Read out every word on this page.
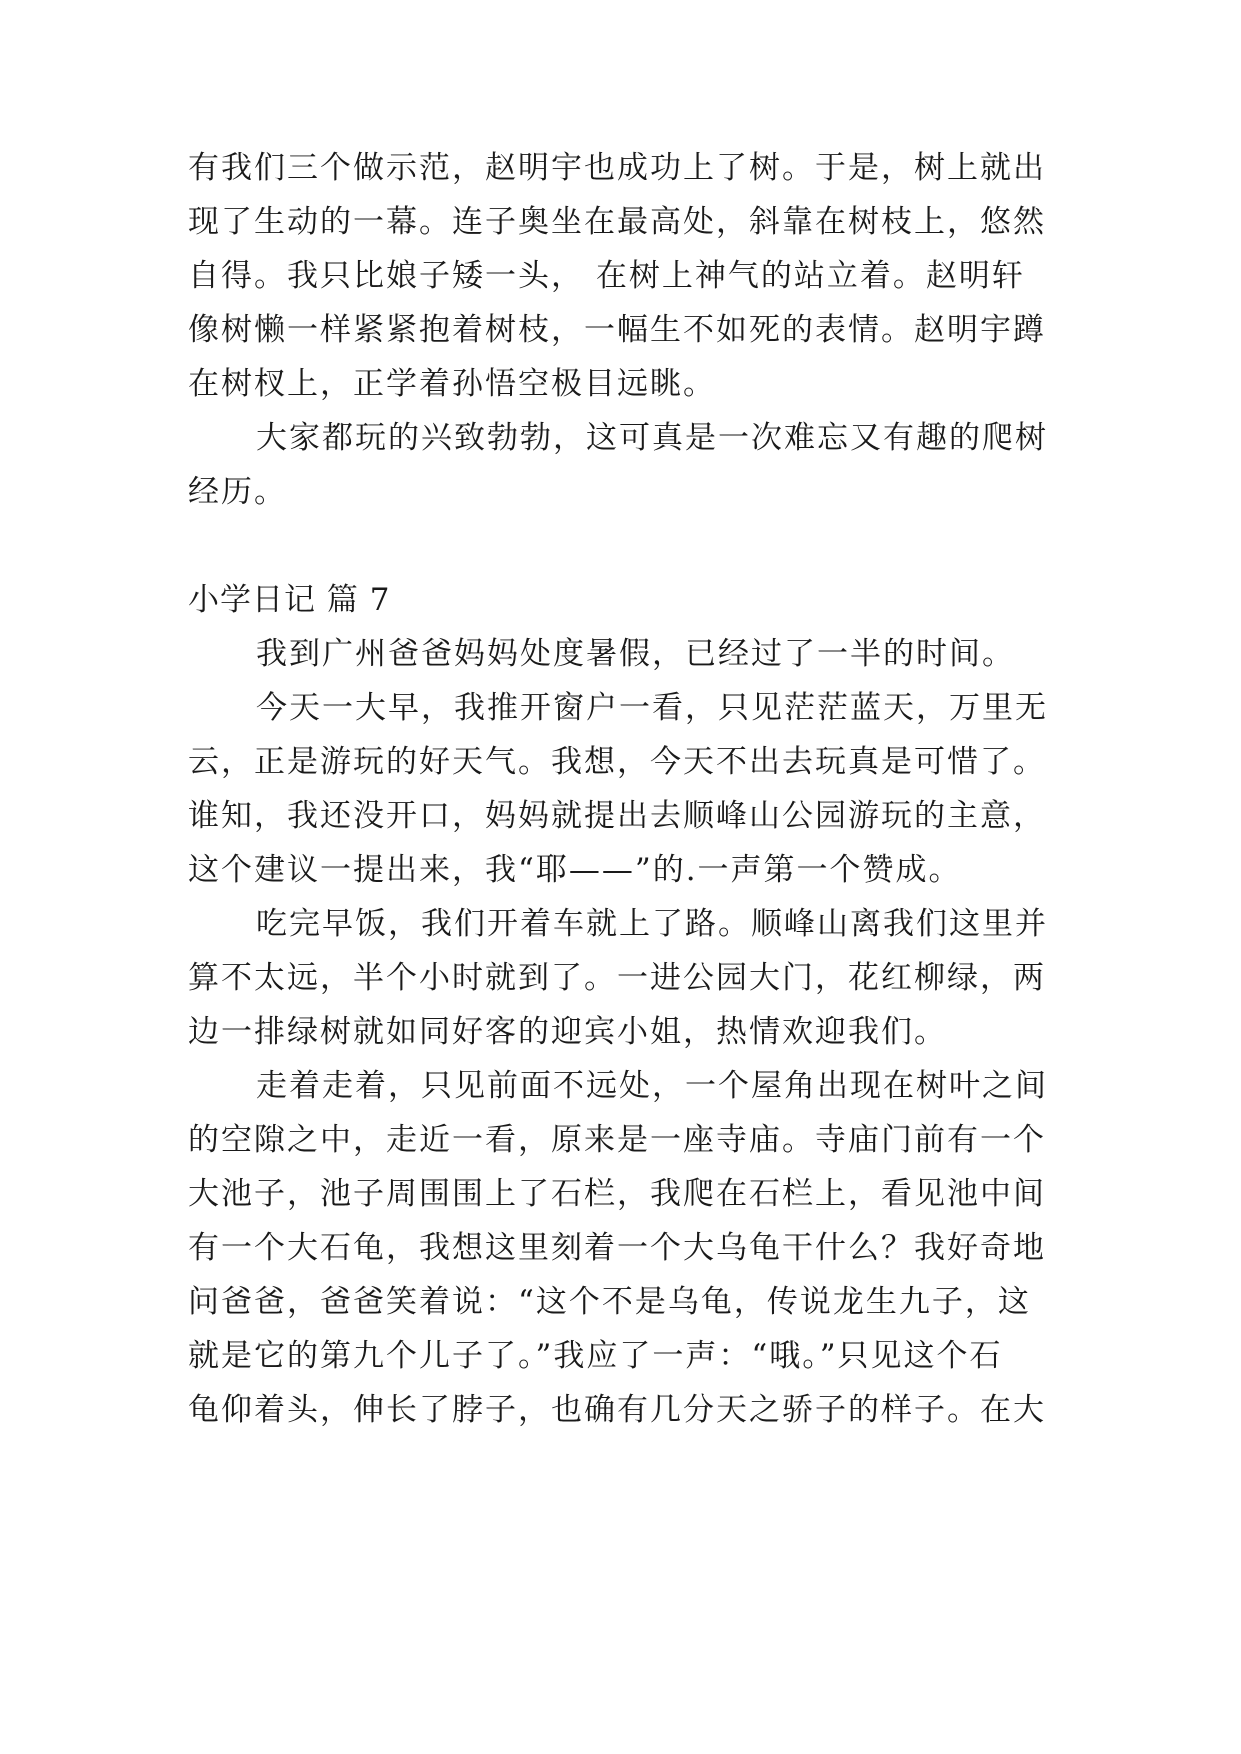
有我们三个做示范，赵明宇也成功上了树。于是，树上就出
现了生动的一幕。连子奥坐在最高处，斜靠在树枝上，悠然
自得。我只比娘子矮一头， 在树上神气的站立着。赵明轩
像树懒一样紧紧抱着树枝，一幅生不如死的表情。赵明宇蹲
在树杈上，正学着孙悟空极目远眺。
大家都玩的兴致勃勃，这可真是一次难忘又有趣的爬树
经历。
小学日记 篇 7
我到广州爸爸妈妈处度暑假，已经过了一半的时间。
今天一大早，我推开窗户一看，只见茫茫蓝天，万里无
云，正是游玩的好天气。我想，今天不出去玩真是可惜了。
谁知，我还没开口，妈妈就提出去顺峰山公园游玩的主意，
这个建议一提出来，我“耶——”的.一声第一个赞成。
吃完早饭，我们开着车就上了路。顺峰山离我们这里并
算不太远，半个小时就到了。一进公园大门，花红柳绿，两
边一排绿树就如同好客的迎宾小姐，热情欢迎我们。
走着走着，只见前面不远处，一个屋角出现在树叶之间
的空隙之中，走近一看，原来是一座寺庙。寺庙门前有一个
大池子，池子周围围上了石栏，我爬在石栏上，看见池中间
有一个大石龟，我想这里刻着一个大乌龟干什么？我好奇地
问爸爸，爸爸笑着说：“这个不是乌龟，传说龙生九子，这
就是它的第九个儿子了。”我应了一声：“哦。”只见这个石
龟仰着头，伸长了脖子，也确有几分天之骄子的样子。在大
